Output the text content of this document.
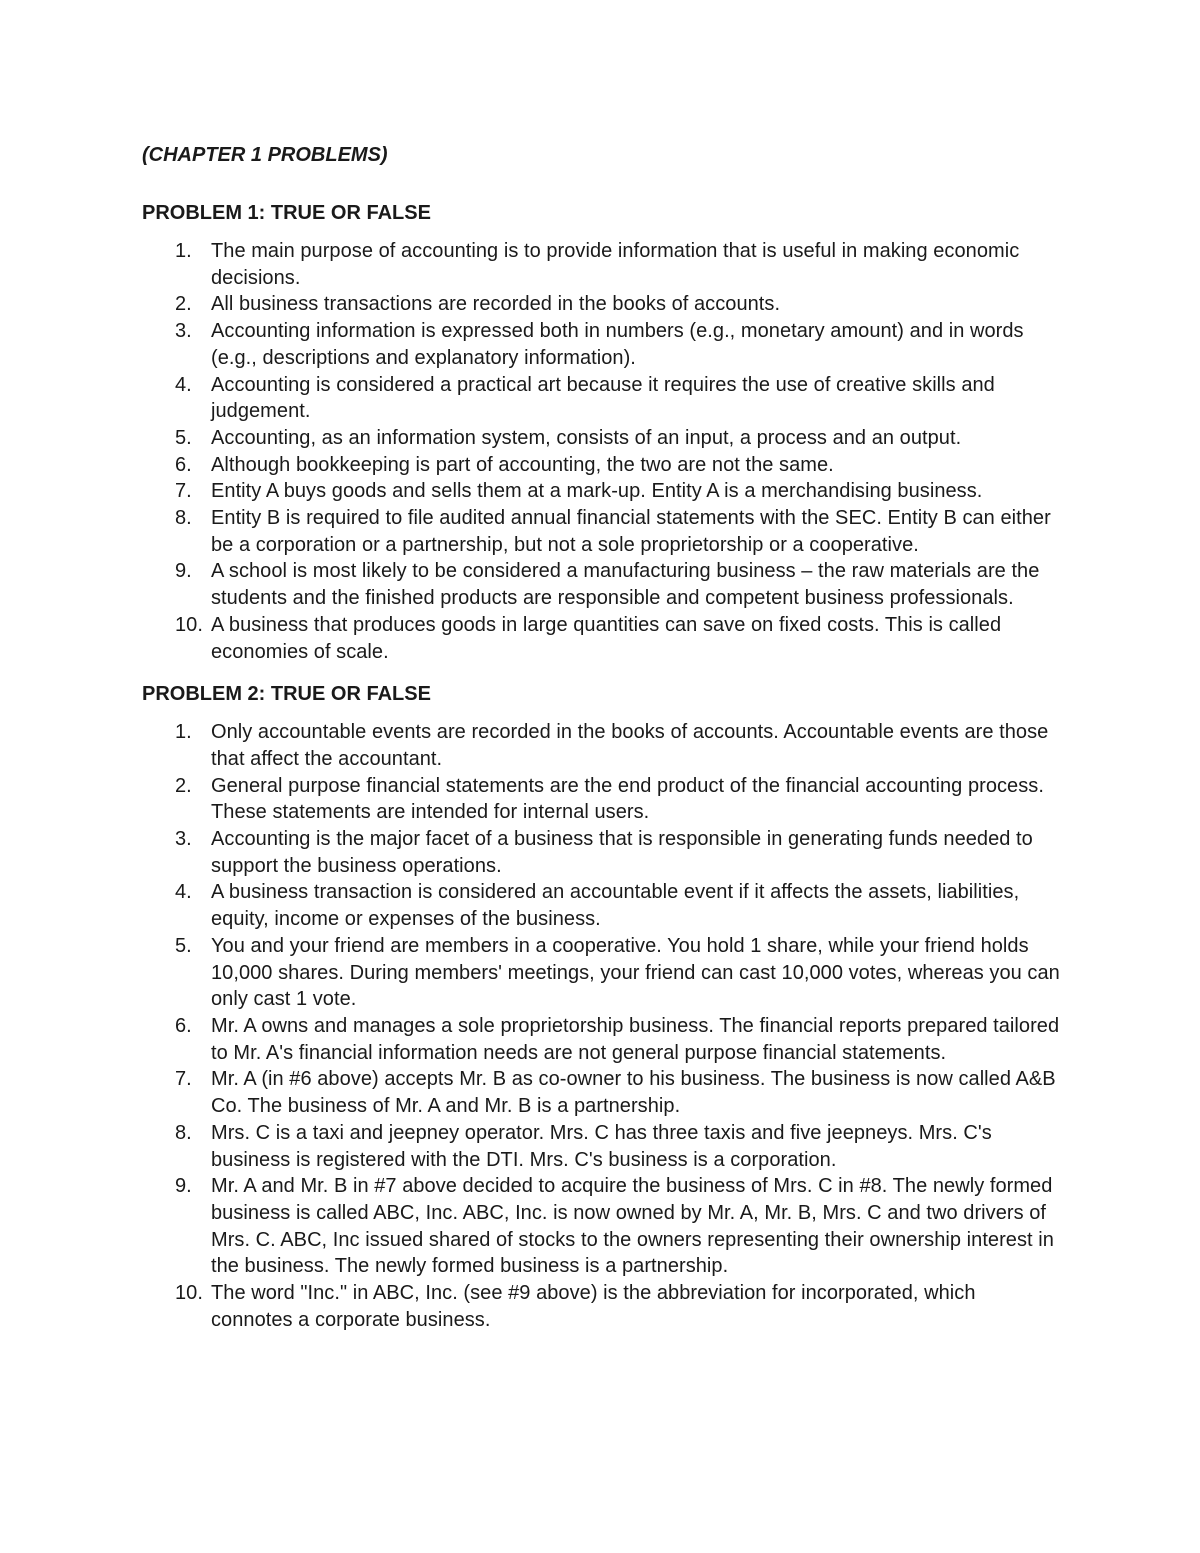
(CHAPTER 1 PROBLEMS)

PROBLEM 1: TRUE OR FALSE

1. The main purpose of accounting is to provide information that is useful in making economic decisions.
2. All business transactions are recorded in the books of accounts.
3. Accounting information is expressed both in numbers (e.g., monetary amount) and in words (e.g., descriptions and explanatory information).
4. Accounting is considered a practical art because it requires the use of creative skills and judgement.
5. Accounting, as an information system, consists of an input, a process and an output.
6. Although bookkeeping is part of accounting, the two are not the same.
7. Entity A buys goods and sells them at a mark-up. Entity A is a merchandising business.
8. Entity B is required to file audited annual financial statements with the SEC. Entity B can either be a corporation or a partnership, but not a sole proprietorship or a cooperative.
9. A school is most likely to be considered a manufacturing business – the raw materials are the students and the finished products are responsible and competent business professionals.
10. A business that produces goods in large quantities can save on fixed costs. This is called economies of scale.

PROBLEM 2: TRUE OR FALSE

1. Only accountable events are recorded in the books of accounts. Accountable events are those that affect the accountant.
2. General purpose financial statements are the end product of the financial accounting process. These statements are intended for internal users.
3. Accounting is the major facet of a business that is responsible in generating funds needed to support the business operations.
4. A business transaction is considered an accountable event if it affects the assets, liabilities, equity, income or expenses of the business.
5. You and your friend are members in a cooperative. You hold 1 share, while your friend holds 10,000 shares. During members' meetings, your friend can cast 10,000 votes, whereas you can only cast 1 vote.
6. Mr. A owns and manages a sole proprietorship business. The financial reports prepared tailored to Mr. A's financial information needs are not general purpose financial statements.
7. Mr. A (in #6 above) accepts Mr. B as co-owner to his business. The business is now called A&B Co. The business of Mr. A and Mr. B is a partnership.
8. Mrs. C is a taxi and jeepney operator. Mrs. C has three taxis and five jeepneys. Mrs. C's business is registered with the DTI. Mrs. C's business is a corporation.
9. Mr. A and Mr. B in #7 above decided to acquire the business of Mrs. C in #8. The newly formed business is called ABC, Inc. ABC, Inc. is now owned by Mr. A, Mr. B, Mrs. C and two drivers of Mrs. C. ABC, Inc issued shared of stocks to the owners representing their ownership interest in the business. The newly formed business is a partnership.
10. The word "Inc." in ABC, Inc. (see #9 above) is the abbreviation for incorporated, which connotes a corporate business.
